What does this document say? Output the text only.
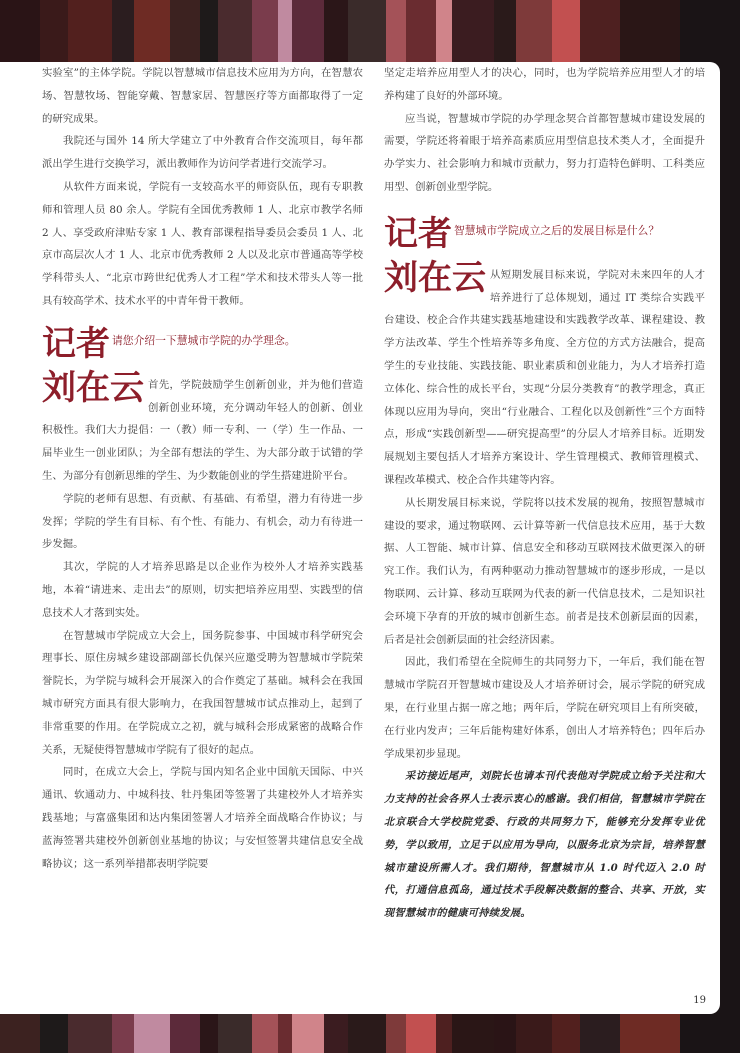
实验室”的主体学院。学院以智慧城市信息技术应用为方向，在智慧农场、智慧牧场、智能穿戴、智慧家居、智慧医疗等方面都取得了一定的研究成果。

我院还与国外 14 所大学建立了中外教育合作交流项目，每年都派出学生进行交换学习，派出教师作为访问学者进行交流学习。

从软件方面来说，学院有一支较高水平的师资队伍，现有专职教师和管理人员 80 余人。学院有全国优秀教师 1 人、北京市教学名师 2 人、享受政府津贴专家 1 人、教育部课程指导委员会委员 1 人、北京市高层次人才 1 人、北京市优秀教师 2 人以及北京市普通高等学校学科带头人、“北京市跨世纪优秀人才工程”学术和技术带头人等一批具有较高学术、技术水平的中青年骨干教师。

记者 请您介绍一下慧城市学院的办学理念。
刘在云 首先，学院鼓励学生创新创业，并为他们营造创新创业环境，充分调动年轻人的创新、创业积极性。我们大力提倡：一（教）师一专利、一（学）生一作品、一届毕业生一创业团队；为全部有想法的学生、为大部分敢于试错的学生、为部分有创新思维的学生、为少数能创业的学生搭建进阶平台。

学院的老师有思想、有贡献、有基础、有希望，潜力有待进一步发挥；学院的学生有目标、有个性、有能力、有机会，动力有待进一步发掘。

其次，学院的人才培养思路是以企业作为校外人才培养实践基地，本着“请进来、走出去”的原则，切实把培养应用型、实践型的信息技术人才落到实处。

在智慧城市学院成立大会上，国务院参事、中国城市科学研究会理事长、原住房城乡建设部副部长仇保兴应邀受聘为智慧城市学院荣誉院长，为学院与城科会开展深入的合作奠定了基础。城科会在我国城市研究方面具有很大影响力，在我国智慧城市试点推动上，起到了非常重要的作用。在学院成立之初，就与城科会形成紧密的战略合作关系，无疑使得智慧城市学院有了很好的起点。

同时，在成立大会上，学院与国内知名企业中国航天国际、中兴通讯、软通动力、中城科技、牡丹集团等签署了共建校外人才培养实践基地；与富盛集团和达内集团签署人才培养全面战略合作协议；与蓝海签署共建校外创新创业基地的协议；与安恒签署共建信息安全战略协议；这一系列举措都表明学院要

坚定走培养应用型人才的决心，同时，也为学院培养应用型人才的培养构建了良好的外部环境。

应当说，智慧城市学院的办学理念契合首都智慧城市建设发展的需要，学院还将着眼于培养高素质应用型信息技术类人才，全面提升办学实力、社会影响力和城市贡献力，努力打造特色鲜明、工科类应用型、创新创业型学院。

记者 智慧城市学院成立之后的发展目标是什么？
刘在云 从短期发展目标来说，学院对未来四年的人才培养进行了总体规划，通过 IT 类综合实践平台建设、校企合作共建实践基地建设和实践教学改革、课程建设、教学方法改革、学生个性培养等多角度、全方位的方式方法融合，提高学生的专业技能、实践技能、职业素质和创业能力，为人才培养打造立体化、综合性的成长平台，实现“分层分类教育”的教学理念，真正体现以应用为导向，突出“行业融合、工程化以及创新性”三个方面特点，形成“实践创新型——研究提高型”的分层人才培养目标。近期发展规划主要包括人才培养方案设计、学生管理模式、教师管理模式、课程改革模式、校企合作共建等内容。

从长期发展目标来说，学院将以技术发展的视角，按照智慧城市建设的要求，通过物联网、云计算等新一代信息技术应用，基于大数据、人工智能、城市计算、信息安全和移动互联网技术做更深入的研究工作。我们认为，有两种驱动力推动智慧城市的逐步形成，一是以物联网、云计算、移动互联网为代表的新一代信息技术，二是知识社会环境下孕育的开放的城市创新生态。前者是技术创新层面的因素，后者是社会创新层面的社会经济因素。

因此，我们希望在全院师生的共同努力下，一年后，我们能在智慧城市学院召开智慧城市建设及人才培养研讨会，展示学院的研究成果，在行业里占据一席之地；两年后，学院在研究项目上有所突破，在行业内发声；三年后能构建好体系，创出人才培养特色；四年后办学成果初步显现。

采访接近尾声，刘院长也请本刊代表他对学院成立给予关注和大力支持的社会各界人士表示衷心的感谢。我们相信，智慧城市学院在北京联合大学校院党委、行政的共同努力下，能够充分发挥专业优势，学以致用，立足于以应用为导向，以服务北京为宗旨，培养智慧城市建设所需人才。我们期待，智慧城市从 1.0 时代迈入 2.0 时代，打通信息孤岛，通过技术手段解决数据的整合、共享、开放，实现智慧城市的健康可持续发展。

19
